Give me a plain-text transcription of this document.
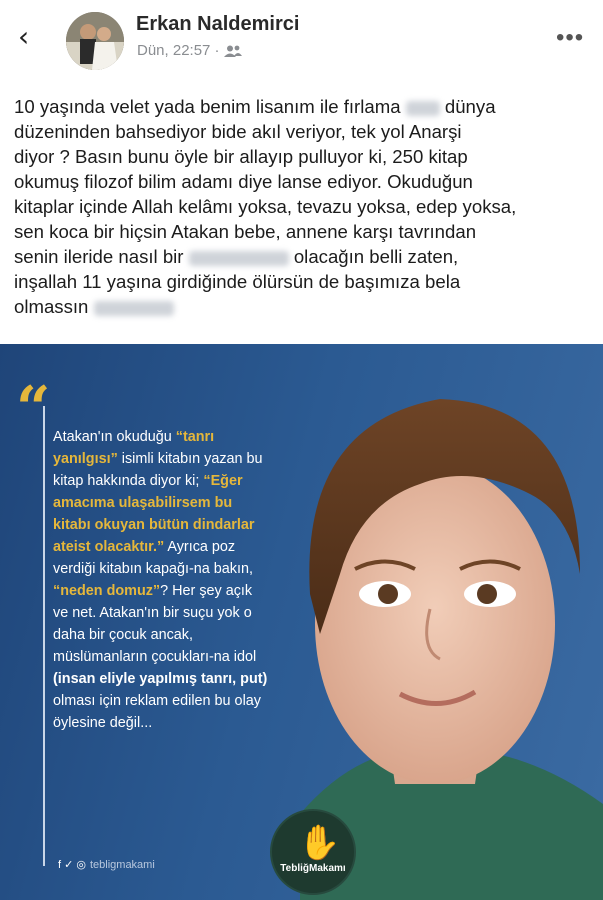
‹	Erkan Naldemirci
Dün, 22:57 ·	•••
10 yaşında velet yada benim lisanım ile fırlama dünya
düzeninden bahsediyor bide akıl veriyor, tek yol Anarşi
diyor ? Basın bunu öyle bir allayıp pulluyor ki, 250 kitap
okumuş filozof bilim adamı diye lanse ediyor. Okuduğun
kitaplar içinde Allah kelâmı yoksa, tevazu yoksa, edep yoksa,
sen koca bir hiçsin Atakan bebe, annene karşı tavrından
senin ileride nasıl bir	olacağın belli zaten,
inşallah 11 yaşına girdiğinde ölürsün de başımıza bela
olmassın
“ Atakan'ın okuduğu “tanrı yanılgısı” isimli kitabın yazan bu kitap hakkında diyor ki; “Eğer amacıma ulaşabilirsem bu kitabı okuyan bütün dindarlar ateist olacaktır.” Ayrıca poz verdiği kitabın kapağı-na bakın, “neden domuz”? Her şey açık ve net. Atakan'ın bir suçu yok o daha bir çocuk ancak, müslümanların çocukları-na idol (insan eliyle yapılmış tanrı, put) olması için reklam edilen bu olay öylesine değil...
f ✓ ◎ tebligmakami
✋
TebliğMakamı
